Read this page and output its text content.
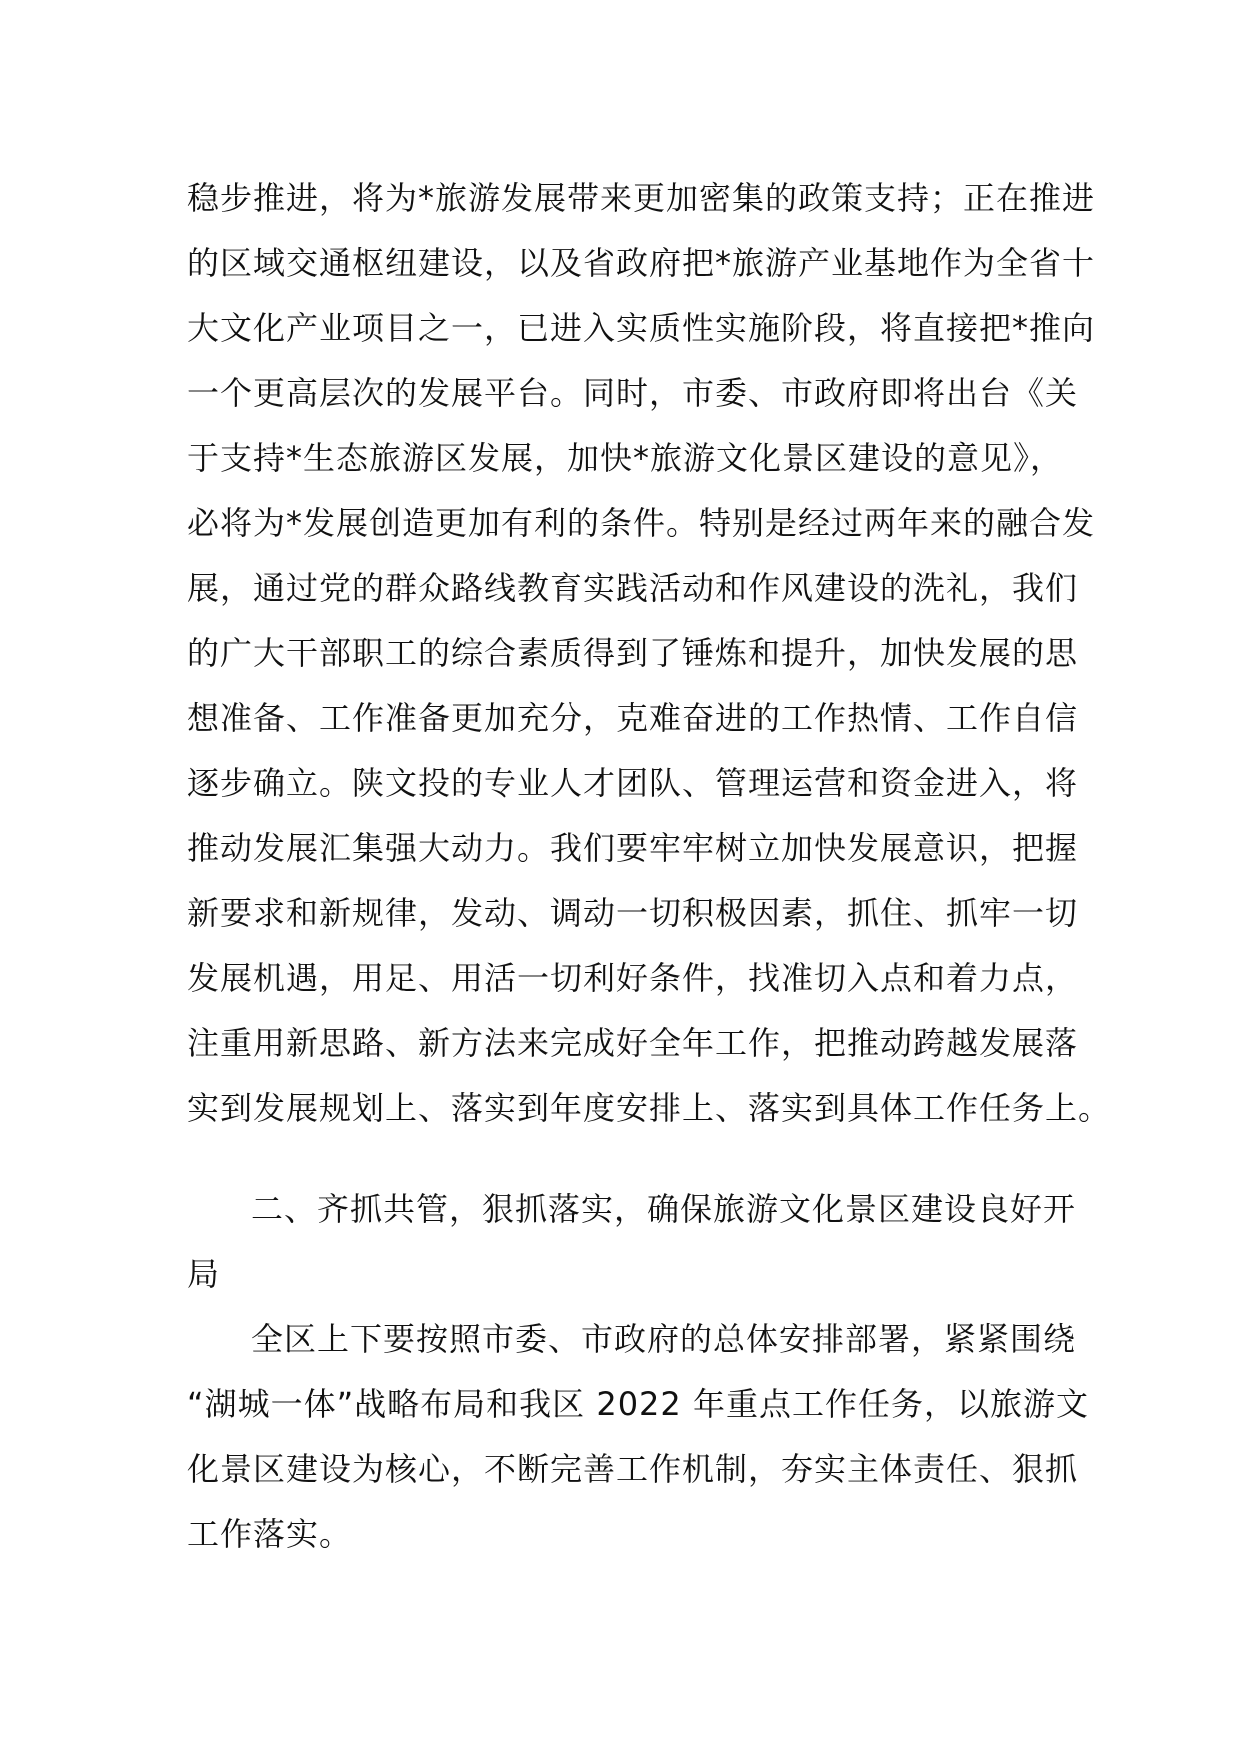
稳步推进，将为*旅游发展带来更加密集的政策支持；正在推进
的区域交通枢纽建设，以及省政府把*旅游产业基地作为全省十
大文化产业项目之一，已进入实质性实施阶段，将直接把*推向
一个更高层次的发展平台。同时，市委、市政府即将出台《关
于支持*生态旅游区发展，加快*旅游文化景区建设的意见》，
必将为*发展创造更加有利的条件。特别是经过两年来的融合发
展，通过党的群众路线教育实践活动和作风建设的洗礼，我们
的广大干部职工的综合素质得到了锤炼和提升，加快发展的思
想准备、工作准备更加充分，克难奋进的工作热情、工作自信
逐步确立。陕文投的专业人才团队、管理运营和资金进入，将
推动发展汇集强大动力。我们要牢牢树立加快发展意识，把握
新要求和新规律，发动、调动一切积极因素，抓住、抓牢一切
发展机遇，用足、用活一切利好条件，找准切入点和着力点，
注重用新思路、新方法来完成好全年工作，把推动跨越发展落
实到发展规划上、落实到年度安排上、落实到具体工作任务上。
二、齐抓共管，狠抓落实，确保旅游文化景区建设良好开
局
全区上下要按照市委、市政府的总体安排部署，紧紧围绕
“湖城一体”战略布局和我区 2022 年重点工作任务，以旅游文
化景区建设为核心，不断完善工作机制，夯实主体责任、狠抓
工作落实。
